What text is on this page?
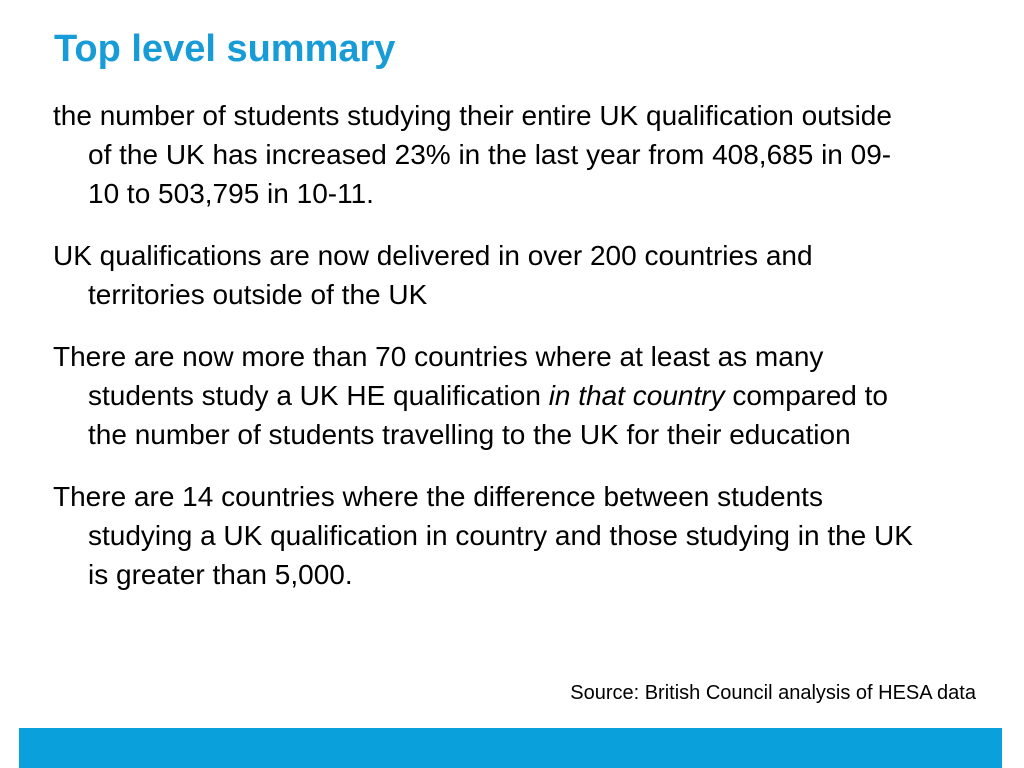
Top level summary
the number of students studying their entire UK qualification outside
of the UK has increased 23% in the last year from 408,685 in 09-
10 to 503,795 in 10-11.
UK qualifications are now delivered in over 200 countries and
territories outside of the UK
There are now more than 70 countries where at least as many
students study a UK HE qualification in that country compared to
the number of students travelling to the UK for their education
There are 14 countries where the difference between students
studying a UK qualification in country and those studying in the UK
is greater than 5,000.
Source: British Council analysis of HESA data
